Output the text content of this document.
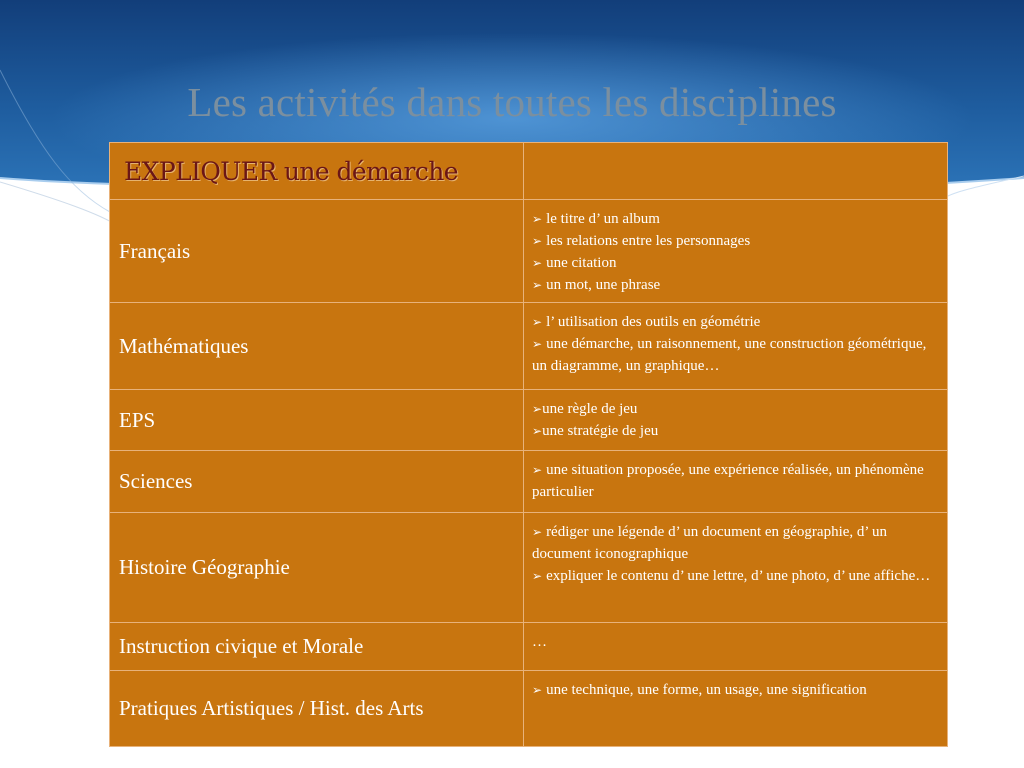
Les activités dans toutes les disciplines
EXPLIQUER une démarche	
Français	➢ le titre d’ un album
➢ les relations entre les personnages
➢ une citation
➢ un mot, une phrase

Mathématiques	➢ l’ utilisation des outils en géométrie
➢ une démarche, un raisonnement, une construction géométrique, un diagramme, un graphique…

EPS	➢une règle de jeu
➢une stratégie de jeu

Sciences	➢ une situation proposée, une expérience réalisée, un phénomène particulier

Histoire Géographie	➢ rédiger une légende d’ un document en géographie, d’ un document iconographique
➢ expliquer le contenu d’ une lettre, d’ une photo, d’ une affiche…

Instruction civique et Morale	…

Pratiques Artistiques / Hist. des Arts	➢ une technique, une forme, un usage, une signification
